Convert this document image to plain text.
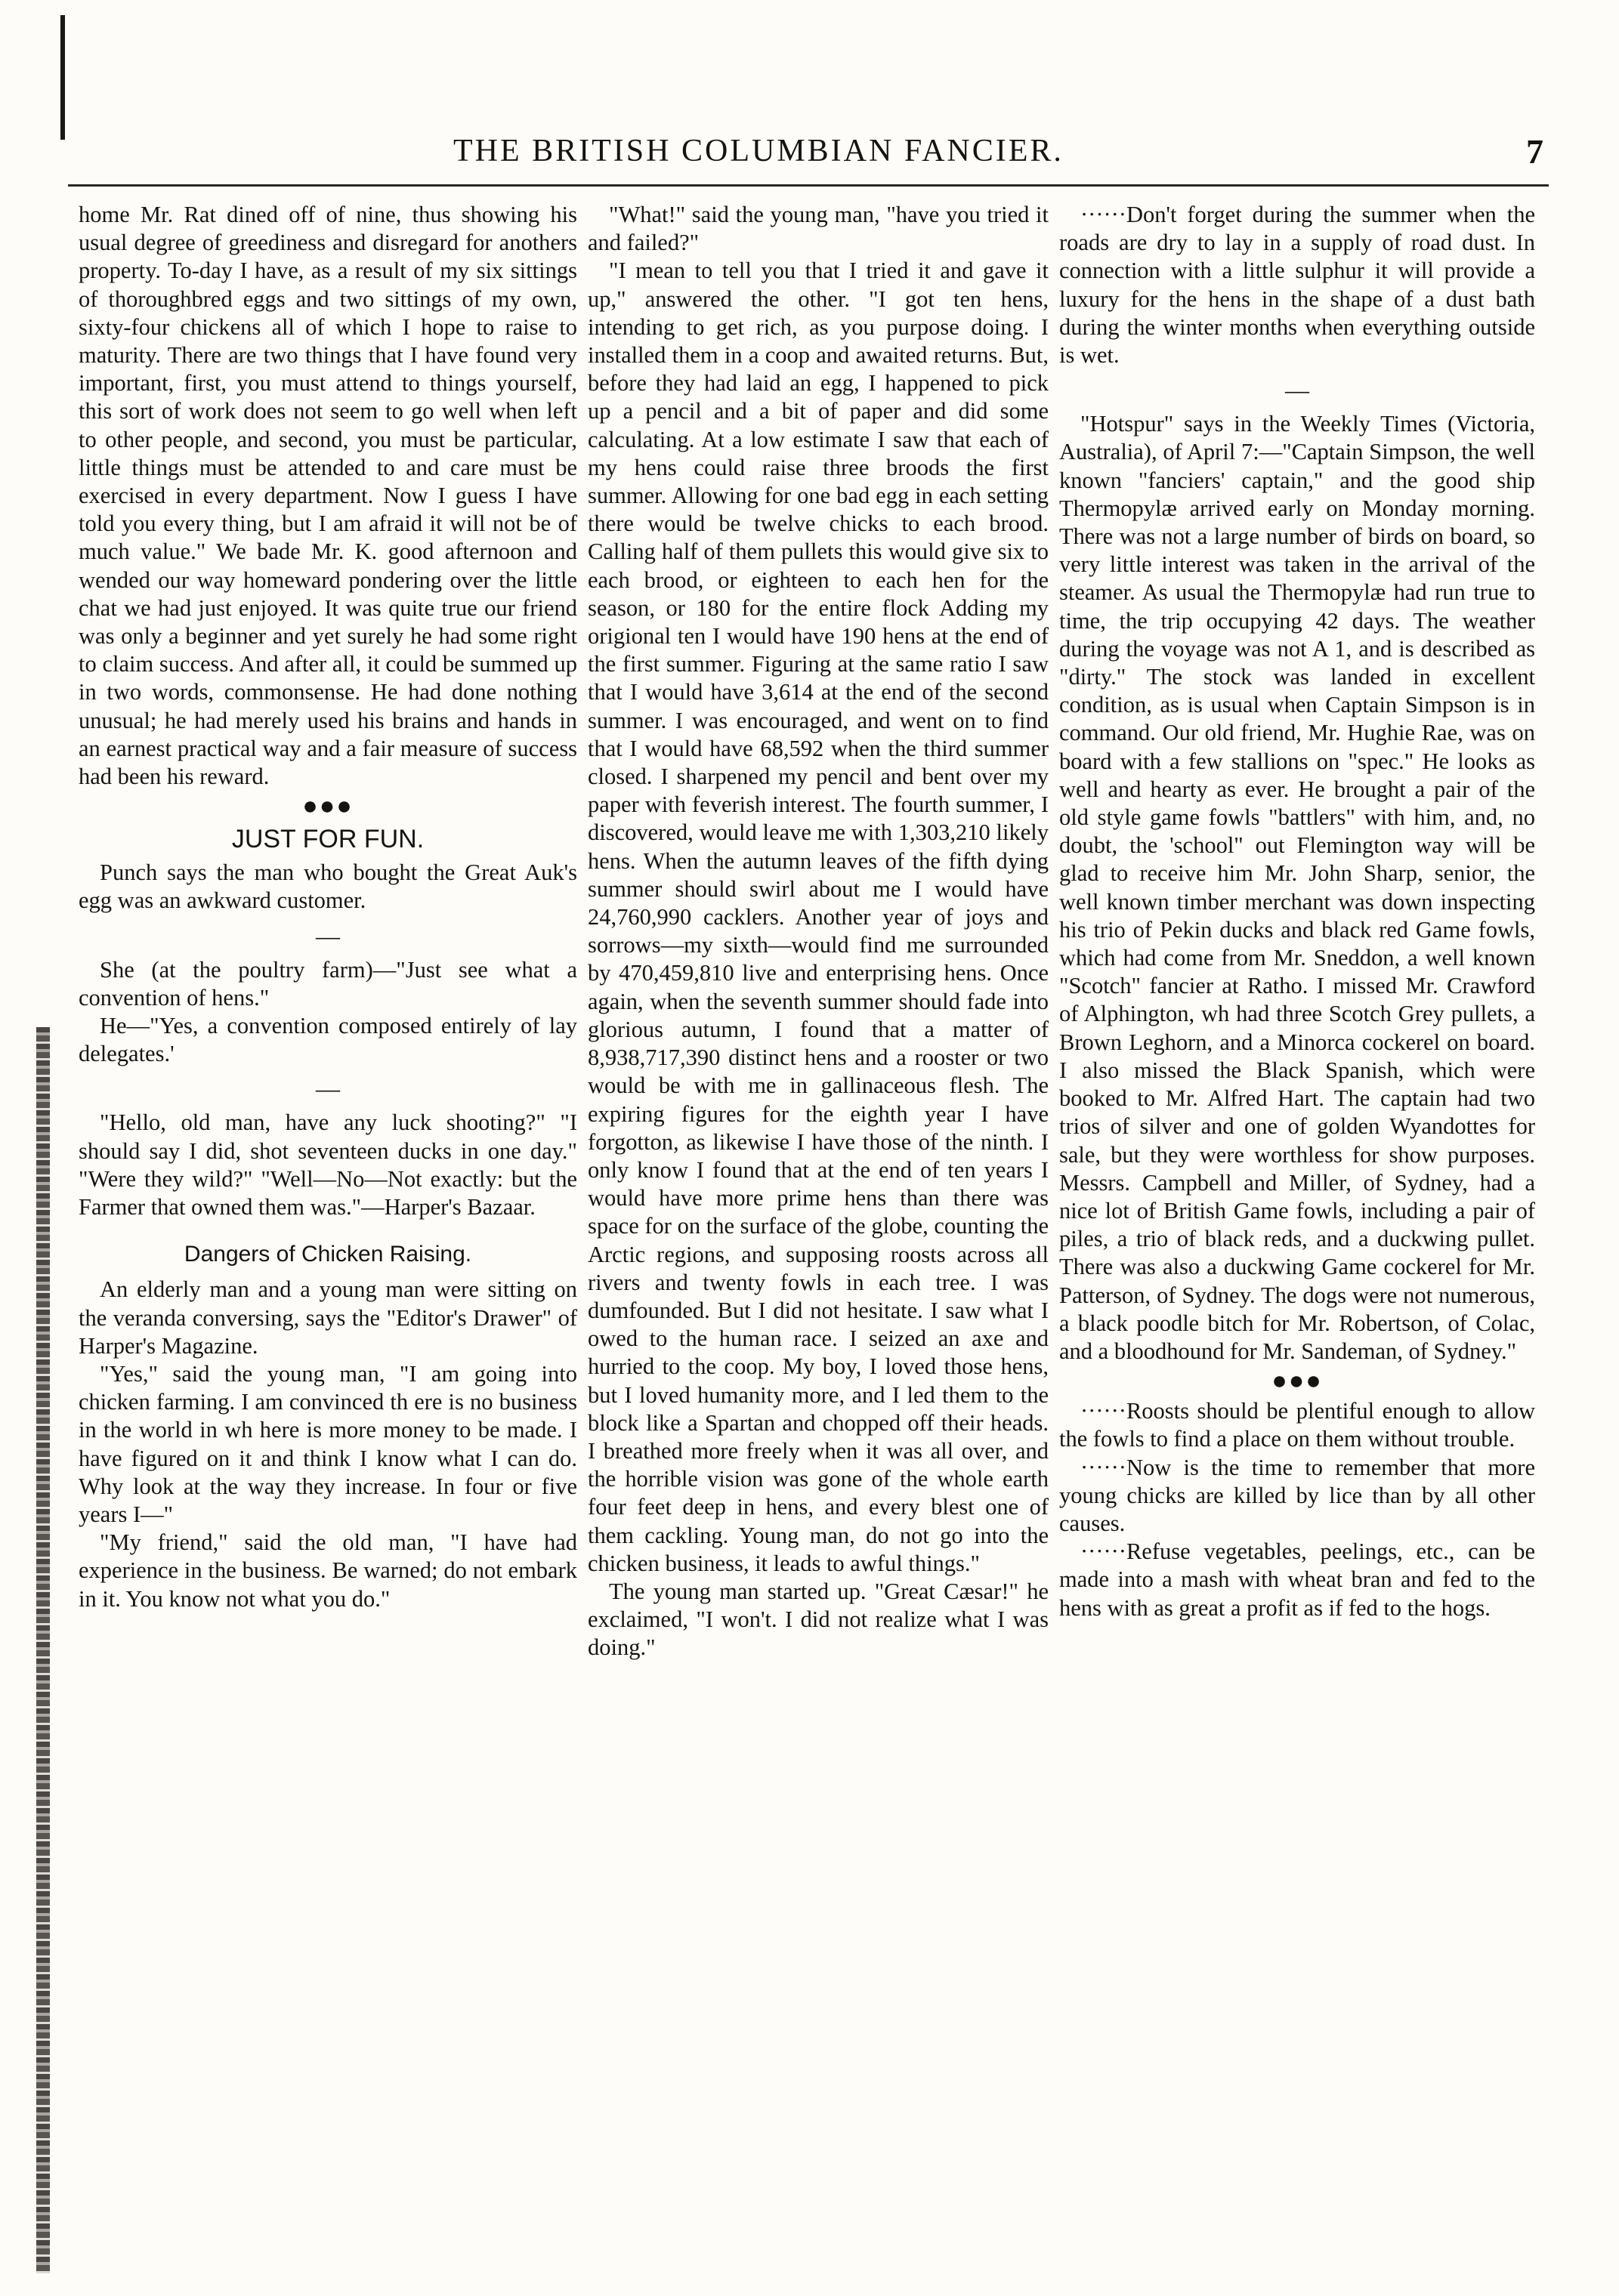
THE BRITISH COLUMBIAN FANCIER.	7

home Mr. Rat dined off of nine, thus showing his usual degree of greediness and disregard for anothers property. To-day I have, as a result of my six sittings of thoroughbred eggs and two sittings of my own, sixty-four chickens all of which I hope to raise to maturity. There are two things that I have found very important, first, you must attend to things yourself, this sort of work does not seem to go well when left to other people, and second, you must be particular, little things must be attended to and care must be exercised in every department. Now I guess I have told you every thing, but I am afraid it will not be of much value." We bade Mr. K. good afternoon and wended our way homeward pondering over the little chat we had just enjoyed. It was quite true our friend was only a beginner and yet surely he had some right to claim success. And after all, it could be summed up in two words, commonsense. He had done nothing unusual; he had merely used his brains and hands in an earnest practical way and a fair measure of success had been his reward.

●●●
JUST FOR FUN.

Punch says the man who bought the Great Auk's egg was an awkward customer.

—

She (at the poultry farm)—"Just see what a convention of hens."

He—"Yes, a convention composed entirely of lay delegates.'

—

"Hello, old man, have any luck shooting?" "I should say I did, shot seventeen ducks in one day." "Were they wild?" "Well—No—Not exactly: but the Farmer that owned them was."—Harper's Bazaar.

Dangers of Chicken Raising.

An elderly man and a young man were sitting on the veranda conversing, says the "Editor's Drawer" of Harper's Magazine.

"Yes," said the young man, "I am going into chicken farming. I am convinced th ere is no business in the world in wh here is more money to be made. I have figured on it and think I know what I can do. Why look at the way they increase. In four or five years I—"

"My friend," said the old man, "I have had experience in the business. Be warned; do not embark in it. You know not what you do."

"What!" said the young man, "have you tried it and failed?"

"I mean to tell you that I tried it and gave it up," answered the other. "I got ten hens, intending to get rich, as you purpose doing. I installed them in a coop and awaited returns. But, before they had laid an egg, I happened to pick up a pencil and a bit of paper and did some calculating. At a low estimate I saw that each of my hens could raise three broods the first summer. Allowing for one bad egg in each setting there would be twelve chicks to each brood. Calling half of them pullets this would give six to each brood, or eighteen to each hen for the season, or 180 for the entire flock Adding my origional ten I would have 190 hens at the end of the first summer. Figuring at the same ratio I saw that I would have 3,614 at the end of the second summer. I was encouraged, and went on to find that I would have 68,592 when the third summer closed. I sharpened my pencil and bent over my paper with feverish interest. The fourth summer, I discovered, would leave me with 1,303,210 likely hens. When the autumn leaves of the fifth dying summer should swirl about me I would have 24,760,990 cacklers. Another year of joys and sorrows—my sixth—would find me surrounded by 470,459,810 live and enterprising hens. Once again, when the seventh summer should fade into glorious autumn, I found that a matter of 8,938,717,390 distinct hens and a rooster or two would be with me in gallinaceous flesh. The expiring figures for the eighth year I have forgotton, as likewise I have those of the ninth. I only know I found that at the end of ten years I would have more prime hens than there was space for on the surface of the globe, counting the Arctic regions, and supposing roosts across all rivers and twenty fowls in each tree. I was dumfounded. But I did not hesitate. I saw what I owed to the human race. I seized an axe and hurried to the coop. My boy, I loved those hens, but I loved humanity more, and I led them to the block like a Spartan and chopped off their heads. I breathed more freely when it was all over, and the horrible vision was gone of the whole earth four feet deep in hens, and every blest one of them cackling. Young man, do not go into the chicken business, it leads to awful things."

The young man started up. "Great Cæsar!" he exclaimed, "I won't. I did not realize what I was doing."

······Don't forget during the summer when the roads are dry to lay in a supply of road dust. In connection with a little sulphur it will provide a luxury for the hens in the shape of a dust bath during the winter months when everything outside is wet.

—

"Hotspur" says in the Weekly Times (Victoria, Australia), of April 7:—"Captain Simpson, the well known "fanciers' captain," and the good ship Thermopylæ arrived early on Monday morning. There was not a large number of birds on board, so very little interest was taken in the arrival of the steamer. As usual the Thermopylæ had run true to time, the trip occupying 42 days. The weather during the voyage was not A 1, and is described as "dirty." The stock was landed in excellent condition, as is usual when Captain Simpson is in command. Our old friend, Mr. Hughie Rae, was on board with a few stallions on "spec." He looks as well and hearty as ever. He brought a pair of the old style game fowls "battlers" with him, and, no doubt, the 'school" out Flemington way will be glad to receive him Mr. John Sharp, senior, the well known timber merchant was down inspecting his trio of Pekin ducks and black red Game fowls, which had come from Mr. Sneddon, a well known "Scotch" fancier at Ratho. I missed Mr. Crawford of Alphington, wh had three Scotch Grey pullets, a Brown Leghorn, and a Minorca cockerel on board. I also missed the Black Spanish, which were booked to Mr. Alfred Hart. The captain had two trios of silver and one of golden Wyandottes for sale, but they were worthless for show purposes. Messrs. Campbell and Miller, of Sydney, had a nice lot of British Game fowls, including a pair of piles, a trio of black reds, and a duckwing pullet. There was also a duckwing Game cockerel for Mr. Patterson, of Sydney. The dogs were not numerous, a black poodle bitch for Mr. Robertson, of Colac, and a bloodhound for Mr. Sandeman, of Sydney."

●●●

······Roosts should be plentiful enough to allow the fowls to find a place on them without trouble.

······Now is the time to remember that more young chicks are killed by lice than by all other causes.

······Refuse vegetables, peelings, etc., can be made into a mash with wheat bran and fed to the hens with as great a profit as if fed to the hogs.
